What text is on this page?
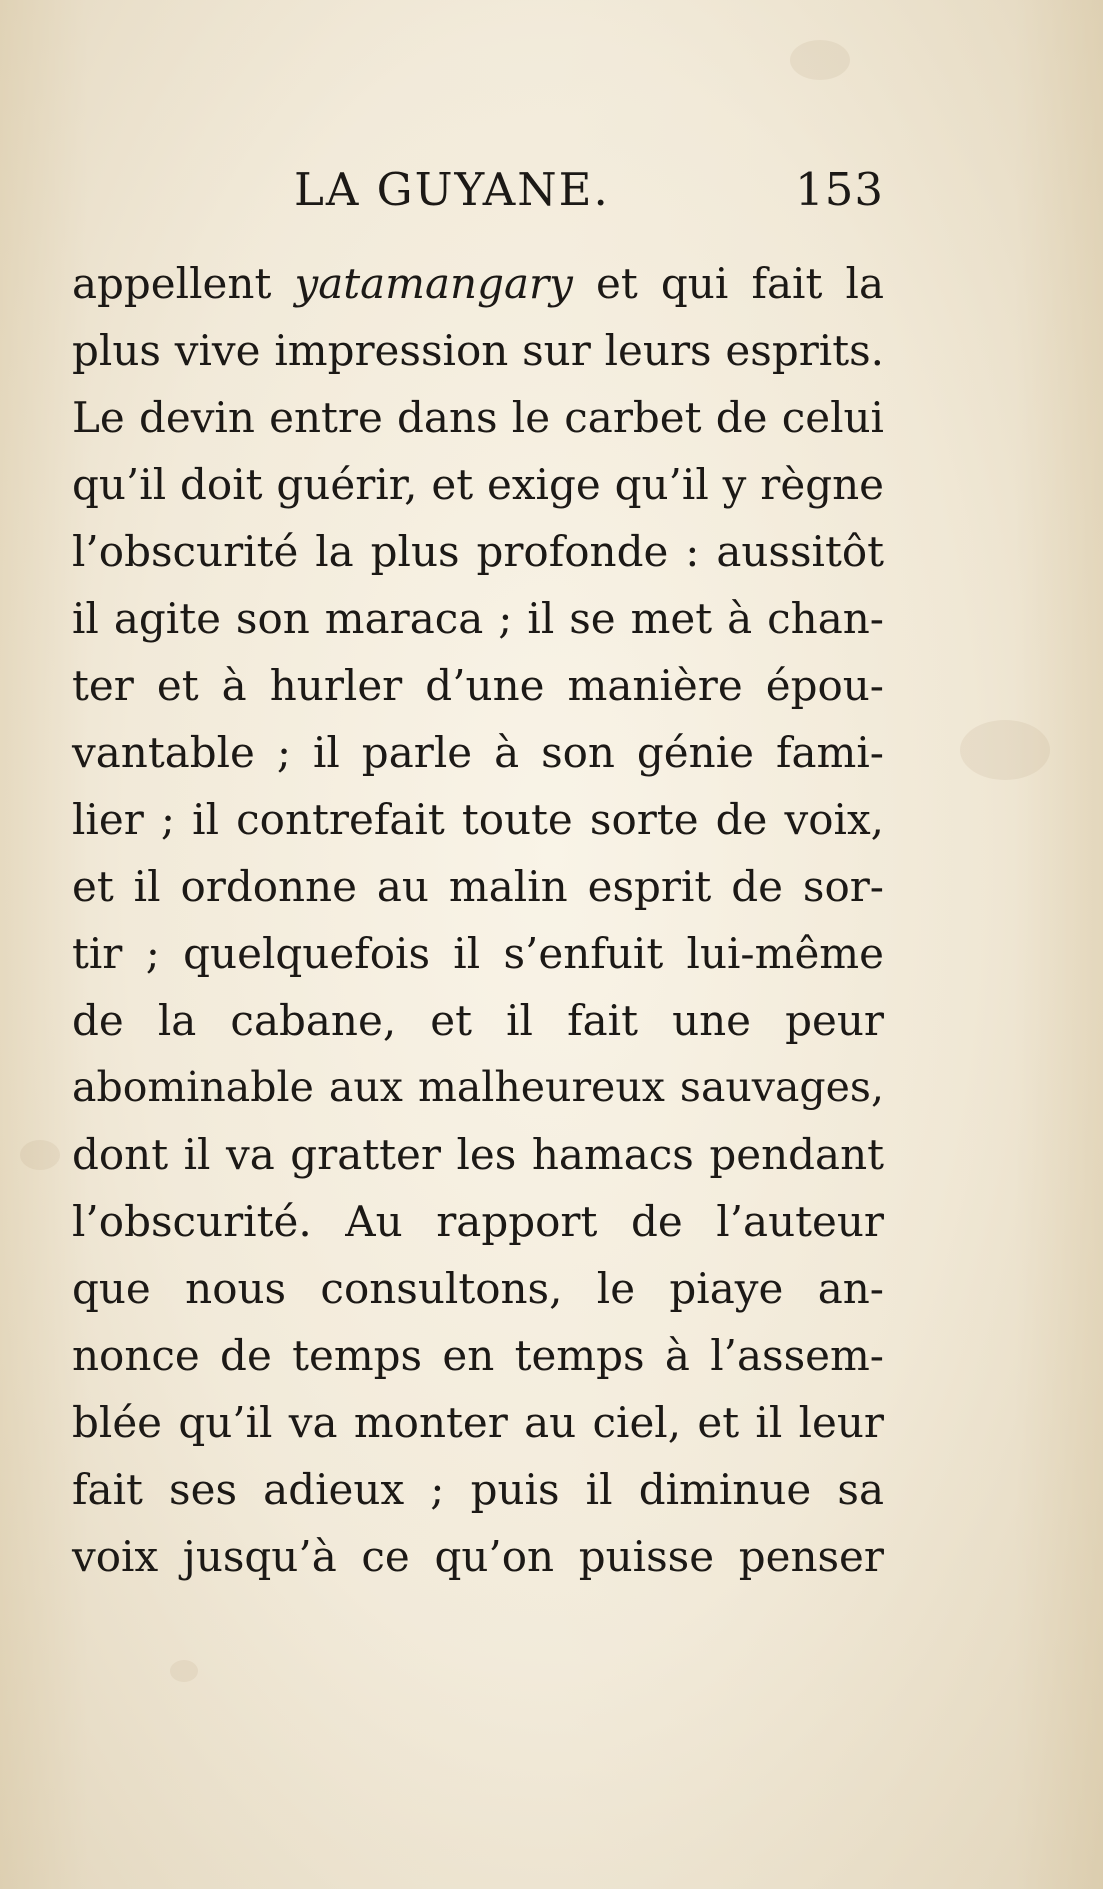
LA GUYANE.	153
appellent yatamangary et qui fait la
plus vive impression sur leurs esprits.
Le devin entre dans le carbet de celui
qu’il doit guérir, et exige qu’il y règne
l’obscurité la plus profonde : aussitôt
il agite son maraca ; il se met à chan-
ter et à hurler d’une manière épou-
vantable ; il parle à son génie fami-
lier ; il contrefait toute sorte de voix,
et il ordonne au malin esprit de sor-
tir ; quelquefois il s’enfuit lui-même
de la cabane, et il fait une peur
abominable aux malheureux sauvages,
dont il va gratter les hamacs pendant
l’obscurité. Au rapport de l’auteur
que nous consultons, le piaye an-
nonce de temps en temps à l’assem-
blée qu’il va monter au ciel, et il leur
fait ses adieux ; puis il diminue sa
voix jusqu’à ce qu’on puisse penser
